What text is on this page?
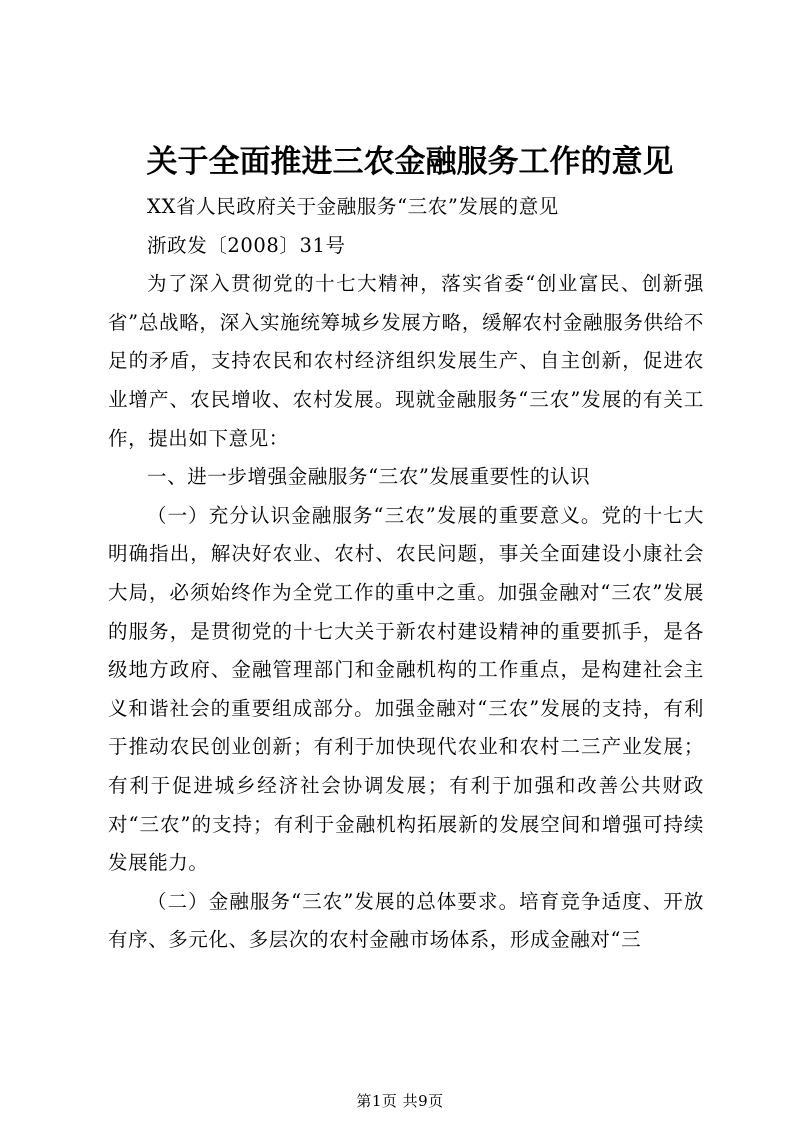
关于全面推进三农金融服务工作的意见

XX省人民政府关于金融服务“三农”发展的意见

浙政发〔2008〕31号

为了深入贯彻党的十七大精神，落实省委“创业富民、创新强省”总战略，深入实施统筹城乡发展方略，缓解农村金融服务供给不足的矛盾，支持农民和农村经济组织发展生产、自主创新，促进农业增产、农民增收、农村发展。现就金融服务“三农”发展的有关工作，提出如下意见：

一、进一步增强金融服务“三农”发展重要性的认识

（一）充分认识金融服务“三农”发展的重要意义。党的十七大明确指出，解决好农业、农村、农民问题，事关全面建设小康社会大局，必须始终作为全党工作的重中之重。加强金融对“三农”发展的服务，是贯彻党的十七大关于新农村建设精神的重要抓手，是各级地方政府、金融管理部门和金融机构的工作重点，是构建社会主义和谐社会的重要组成部分。加强金融对“三农”发展的支持，有利于推动农民创业创新；有利于加快现代农业和农村二三产业发展；有利于促进城乡经济社会协调发展；有利于加强和改善公共财政对“三农”的支持；有利于金融机构拓展新的发展空间和增强可持续发展能力。

（二）金融服务“三农”发展的总体要求。培育竞争适度、开放有序、多元化、多层次的农村金融市场体系，形成金融对“三

第1页 共9页
